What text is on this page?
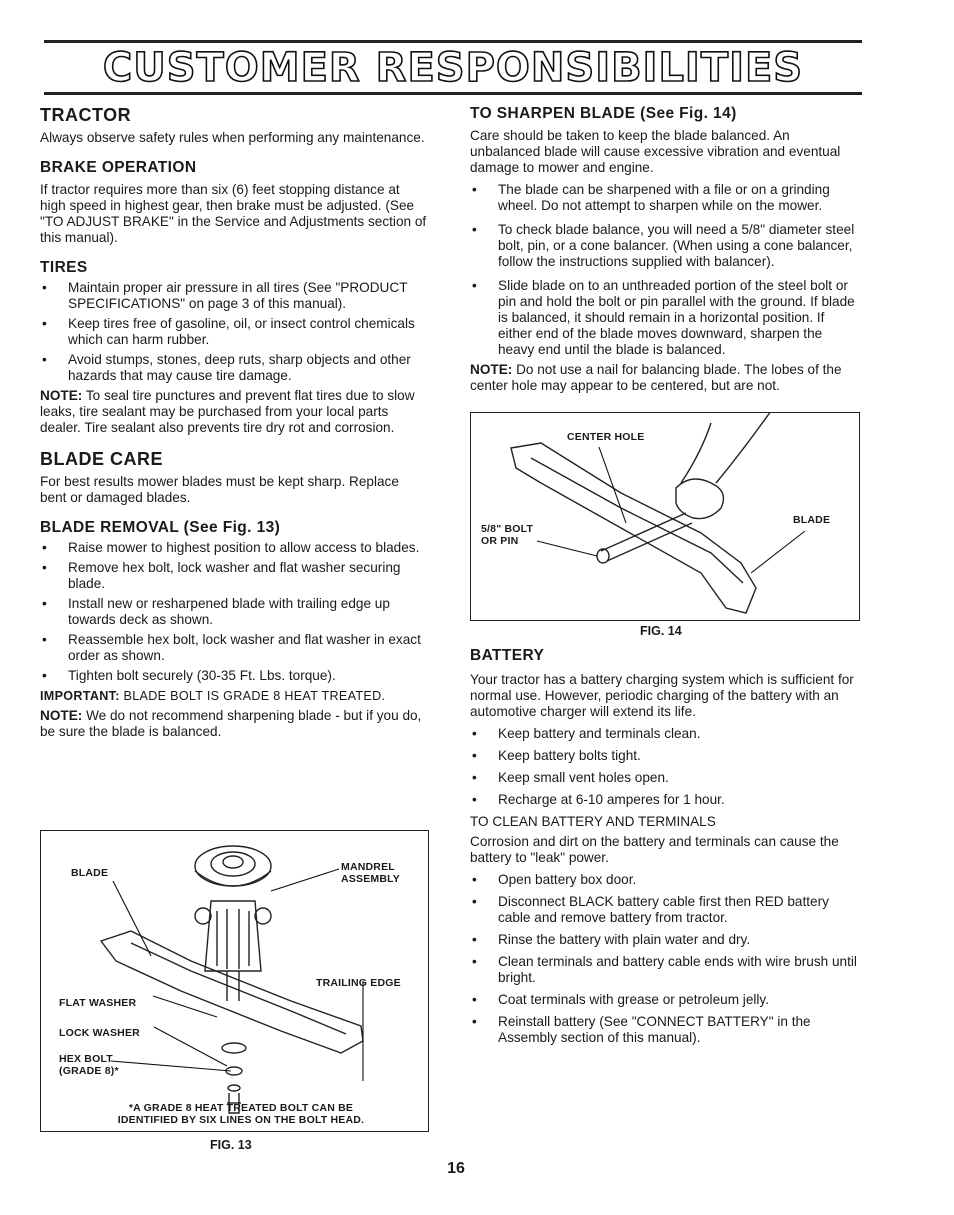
CUSTOMER RESPONSIBILITIES
TRACTOR

Always observe safety rules when performing any maintenance.

BRAKE OPERATION

If tractor requires more than six (6) feet stopping distance at high speed in highest gear, then brake must be adjusted. (See "TO ADJUST BRAKE" in the Service and Adjustments section of this manual).

TIRES
• Maintain proper air pressure in all tires (See "PRODUCT SPECIFICATIONS" on page 3 of this manual).
• Keep tires free of gasoline, oil, or insect control chemicals which can harm rubber.
• Avoid stumps, stones, deep ruts, sharp objects and other hazards that may cause tire damage.

NOTE: To seal tire punctures and prevent flat tires due to slow leaks, tire sealant may be purchased from your local parts dealer. Tire sealant also prevents tire dry rot and corrosion.

BLADE CARE

For best results mower blades must be kept sharp. Replace bent or damaged blades.

BLADE REMOVAL (See Fig. 13)
• Raise mower to highest position to allow access to blades.
• Remove hex bolt, lock washer and flat washer securing blade.
• Install new or resharpened blade with trailing edge up towards deck as shown.
• Reassemble hex bolt, lock washer and flat washer in exact order as shown.
• Tighten bolt securely (30-35 Ft. Lbs. torque).

IMPORTANT: BLADE BOLT IS GRADE 8 HEAT TREATED.

NOTE: We do not recommend sharpening blade - but if you do, be sure the blade is balanced.

BLADE	MANDREL
ASSEMBLY
TRAILING EDGE
FLAT WASHER
LOCK WASHER
HEX BOLT
(GRADE 8)*
*A GRADE 8 HEAT TREATED BOLT CAN BE
IDENTIFIED BY SIX LINES ON THE BOLT HEAD.
FIG. 13
TO SHARPEN BLADE (See Fig. 14)

Care should be taken to keep the blade balanced. An unbalanced blade will cause excessive vibration and eventual damage to mower and engine.

• The blade can be sharpened with a file or on a grinding wheel. Do not attempt to sharpen while on the mower.
• To check blade balance, you will need a 5/8" diameter steel bolt, pin, or a cone balancer. (When using a cone balancer, follow the instructions supplied with balancer).
• Slide blade on to an unthreaded portion of the steel bolt or pin and hold the bolt or pin parallel with the ground. If blade is balanced, it should remain in a horizontal position. If either end of the blade moves downward, sharpen the heavy end until the blade is balanced.

NOTE: Do not use a nail for balancing blade. The lobes of the center hole may appear to be centered, but are not.

CENTER HOLE
5/8" BOLT
OR PIN
BLADE
FIG. 14
BATTERY

Your tractor has a battery charging system which is sufficient for normal use. However, periodic charging of the battery with an automotive charger will extend its life.

• Keep battery and terminals clean.
• Keep battery bolts tight.
• Keep small vent holes open.
• Recharge at 6-10 amperes for 1 hour.

TO CLEAN BATTERY AND TERMINALS

Corrosion and dirt on the battery and terminals can cause the battery to "leak" power.

• Open battery box door.
• Disconnect BLACK battery cable first then RED battery cable and remove battery from tractor.
• Rinse the battery with plain water and dry.
• Clean terminals and battery cable ends with wire brush until bright.
• Coat terminals with grease or petroleum jelly.
• Reinstall battery (See "CONNECT BATTERY" in the Assembly section of this manual).
16
